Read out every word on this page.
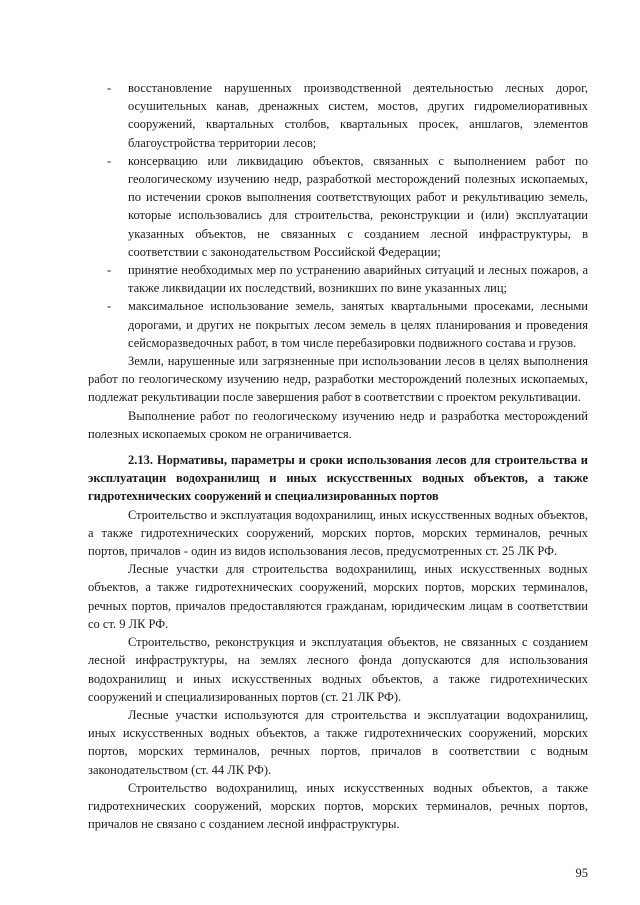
- восстановление нарушенных производственной деятельностью лесных дорог, осушительных канав, дренажных систем, мостов, других гидромелиоративных сооружений, квартальных столбов, квартальных просек, аншлагов, элементов благоустройства территории лесов;
- консервацию или ликвидацию объектов, связанных с выполнением работ по геологическому изучению недр, разработкой месторождений полезных ископаемых, по истечении сроков выполнения соответствующих работ и рекультивацию земель, которые использовались для строительства, реконструкции и (или) эксплуатации указанных объектов, не связанных с созданием лесной инфраструктуры, в соответствии с законодательством Российской Федерации;
- принятие необходимых мер по устранению аварийных ситуаций и лесных пожаров, а также ликвидации их последствий, возникших по вине указанных лиц;
- максимальное использование земель, занятых квартальными просеками, лесными дорогами, и других не покрытых лесом земель в целях планирования и проведения сейсморазведочных работ, в том числе перебазировки подвижного состава и грузов.

Земли, нарушенные или загрязненные при использовании лесов в целях выполнения работ по геологическому изучению недр, разработки месторождений полезных ископаемых, подлежат рекультивации после завершения работ в соответствии с проектом рекультивации.

Выполнение работ по геологическому изучению недр и разработка месторождений полезных ископаемых сроком не ограничивается.

2.13. Нормативы, параметры и сроки использования лесов для строительства и эксплуатации водохранилищ и иных искусственных водных объектов, а также гидротехнических сооружений и специализированных портов

Строительство и эксплуатация водохранилищ, иных искусственных водных объектов, а также гидротехнических сооружений, морских портов, морских терминалов, речных портов, причалов - один из видов использования лесов, предусмотренных ст. 25 ЛК РФ.

Лесные участки для строительства водохранилищ, иных искусственных водных объектов, а также гидротехнических сооружений, морских портов, морских терминалов, речных портов, причалов предоставляются гражданам, юридическим лицам в соответствии со ст. 9 ЛК РФ.

Строительство, реконструкция и эксплуатация объектов, не связанных с созданием лесной инфраструктуры, на землях лесного фонда допускаются для использования водохранилищ и иных искусственных водных объектов, а также гидротехнических сооружений и специализированных портов (ст. 21 ЛК РФ).

Лесные участки используются для строительства и эксплуатации водохранилищ, иных искусственных водных объектов, а также гидротехнических сооружений, морских портов, морских терминалов, речных портов, причалов в соответствии с водным законодательством (ст. 44 ЛК РФ).

Строительство водохранилищ, иных искусственных водных объектов, а также гидротехнических сооружений, морских портов, морских терминалов, речных портов, причалов не связано с созданием лесной инфраструктуры.

95
